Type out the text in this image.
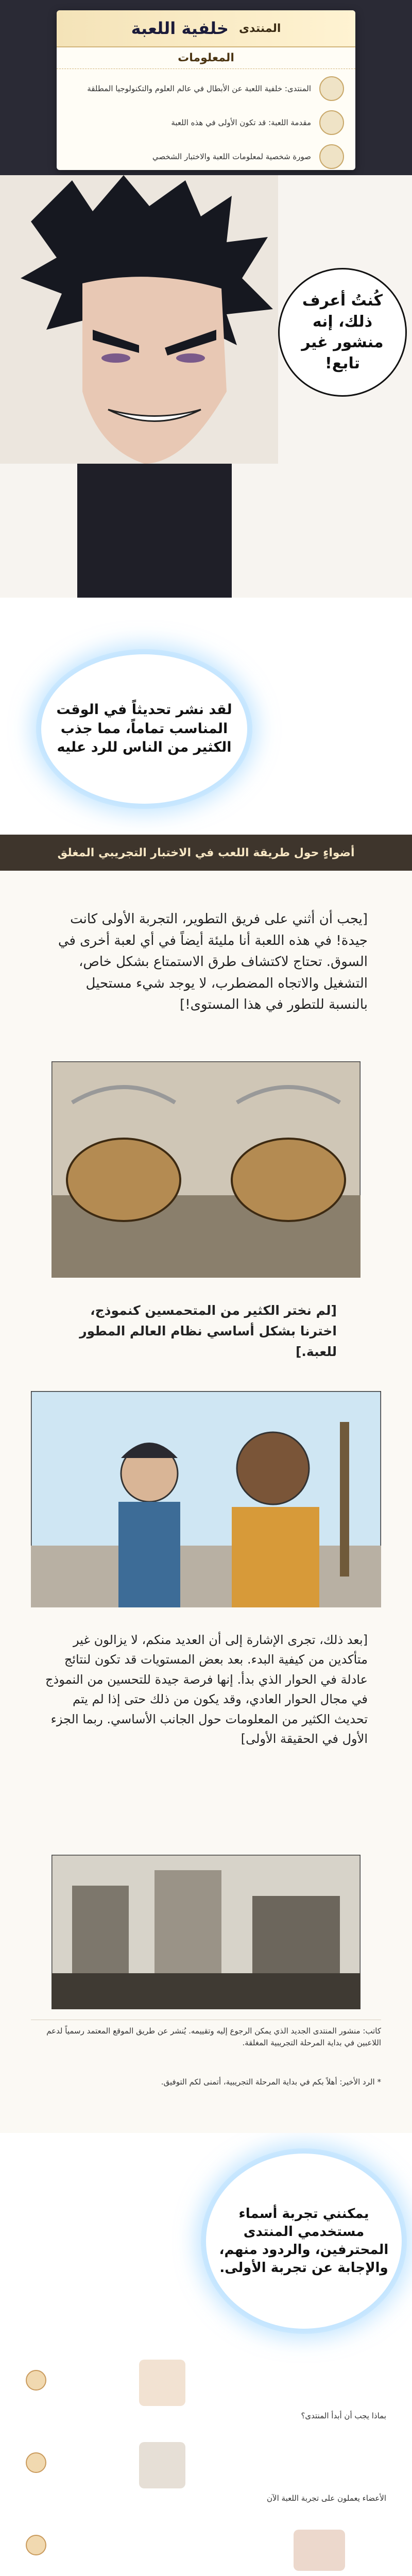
المنتدى
خلفية اللعبة
المعلومات
المنتدى: خلفية اللعبة عن الأبطال في عالم العلوم والتكنولوجيا المطلقة
مقدمة اللعبة: قد تكون الأولى في هذه اللعبة
صورة شخصية لمعلومات اللعبة والاختبار الشخصي
كُنتُ أعرف ذلك، إنه منشور غير تابع!
لقد نشر تحديثاً في الوقت المناسب تماماً، مما جذب الكثير من الناس للرد عليه
أضواءٍ حول طريقة اللعب في الاختبار التجريبي المغلق
[يجب أن أثني على فريق التطوير، التجربة الأولى كانت جيدة! في هذه اللعبة أنا مليئة أيضاً في أي لعبة أخرى في السوق. تحتاج لاكتشاف طرق الاستمتاع بشكل خاص، التشغيل والاتجاه المضطرب، لا يوجد شيء مستحيل بالنسبة للتطور في هذا المستوى!]
[لم نختر الكثير من المتحمسين كنموذج، اخترنا بشكل أساسي نظام العالم المطور للعبة.]
[بعد ذلك، تجرى الإشارة إلى أن العديد منكم، لا يزالون غير متأكدين من كيفية البدء. بعد بعض المستويات قد تكون لنتائج عادلة في الحوار الذي بدأ. إنها فرصة جيدة للتحسين من النموذج في مجال الحوار العادي، وقد يكون من ذلك حتى إذا لم يتم تحديث الكثير من المعلومات حول الجانب الأساسي. ربما الجزء الأول في الحقيقة الأولى]
كاتب: منشور المنتدى الجديد الذي يمكن الرجوع إليه وتقييمه. يُنشر عن طريق الموقع المعتمد رسمياً لدعم اللاعبين في بداية المرحلة التجريبية المغلقة.
* الرد الأخير: أهلاً بكم في بداية المرحلة التجريبية، أتمنى لكم التوفيق.
يمكنني تجربة أسماء مستخدمي المنتدى المحترفين، والردود منهم، والإجابة عن تجربة الأولى.
بماذا يجب أن أبدأ المنتدى؟
الأعضاء يعملون على تجربة اللعبة الآن
